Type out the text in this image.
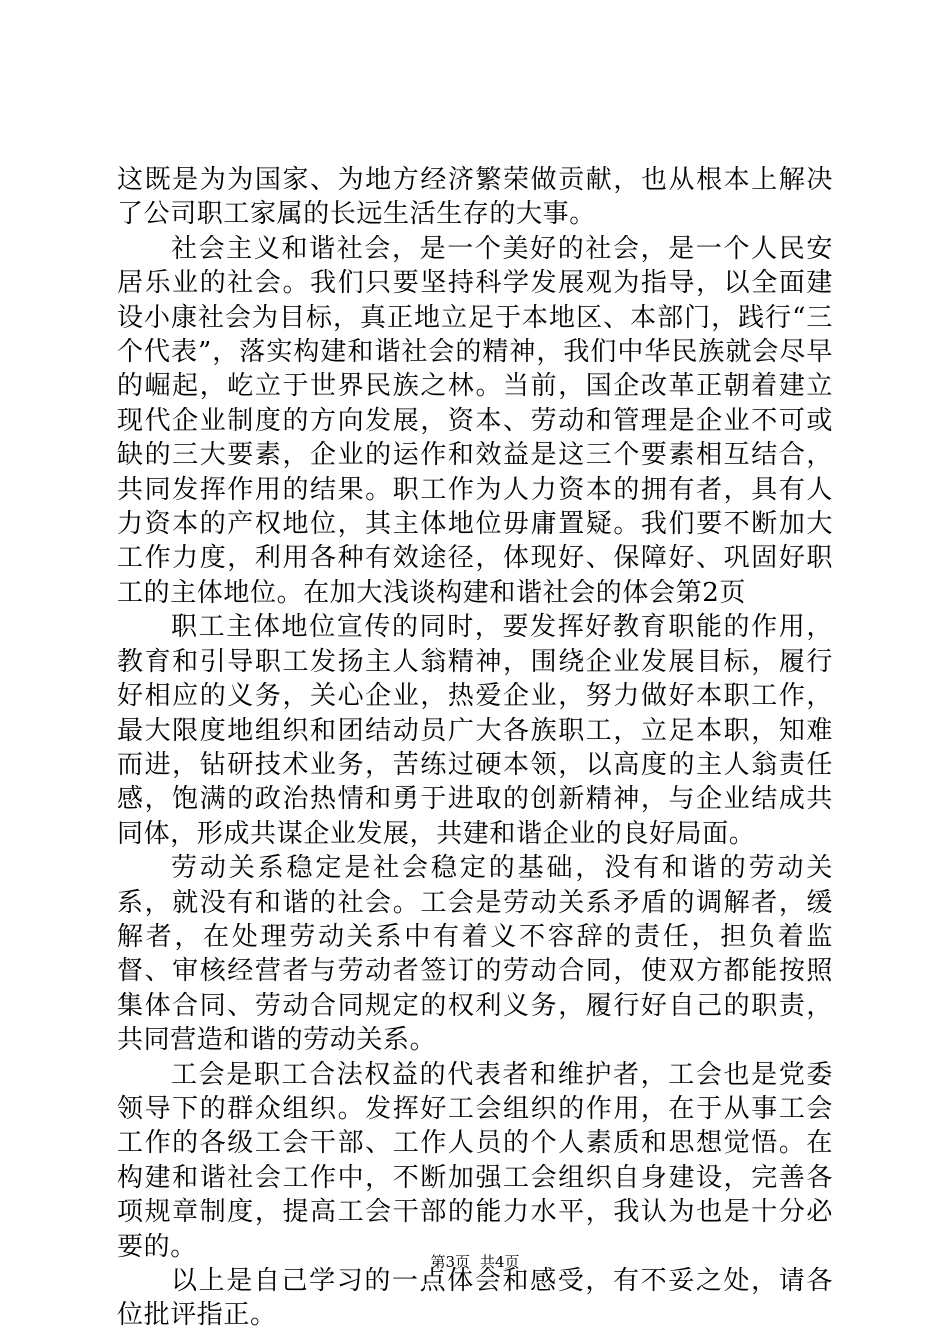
这既是为为国家、为地方经济繁荣做贡献，也从根本上解决了公司职工家属的长远生活生存的大事。

社会主义和谐社会，是一个美好的社会，是一个人民安居乐业的社会。我们只要坚持科学发展观为指导，以全面建设小康社会为目标，真正地立足于本地区、本部门，践行“三个代表”，落实构建和谐社会的精神，我们中华民族就会尽早的崛起，屹立于世界民族之林。当前，国企改革正朝着建立现代企业制度的方向发展，资本、劳动和管理是企业不可或缺的三大要素，企业的运作和效益是这三个要素相互结合，共同发挥作用的结果。职工作为人力资本的拥有者，具有人力资本的产权地位，其主体地位毋庸置疑。我们要不断加大工作力度，利用各种有效途径，体现好、保障好、巩固好职工的主体地位。在加大浅谈构建和谐社会的体会第2页

职工主体地位宣传的同时，要发挥好教育职能的作用，教育和引导职工发扬主人翁精神，围绕企业发展目标，履行好相应的义务，关心企业，热爱企业，努力做好本职工作，最大限度地组织和团结动员广大各族职工，立足本职，知难而进，钻研技术业务，苦练过硬本领，以高度的主人翁责任感，饱满的政治热情和勇于进取的创新精神，与企业结成共同体，形成共谋企业发展，共建和谐企业的良好局面。

劳动关系稳定是社会稳定的基础，没有和谐的劳动关系，就没有和谐的社会。工会是劳动关系矛盾的调解者，缓解者，在处理劳动关系中有着义不容辞的责任，担负着监督、审核经营者与劳动者签订的劳动合同，使双方都能按照集体合同、劳动合同规定的权利义务，履行好自己的职责，共同营造和谐的劳动关系。

工会是职工合法权益的代表者和维护者，工会也是党委领导下的群众组织。发挥好工会组织的作用，在于从事工会工作的各级工会干部、工作人员的个人素质和思想觉悟。在构建和谐社会工作中，不断加强工会组织自身建设，完善各项规章制度，提高工会干部的能力水平，我认为也是十分必要的。

以上是自己学习的一点体会和感受，有不妥之处，请各位批评指正。

第3页 共4页
